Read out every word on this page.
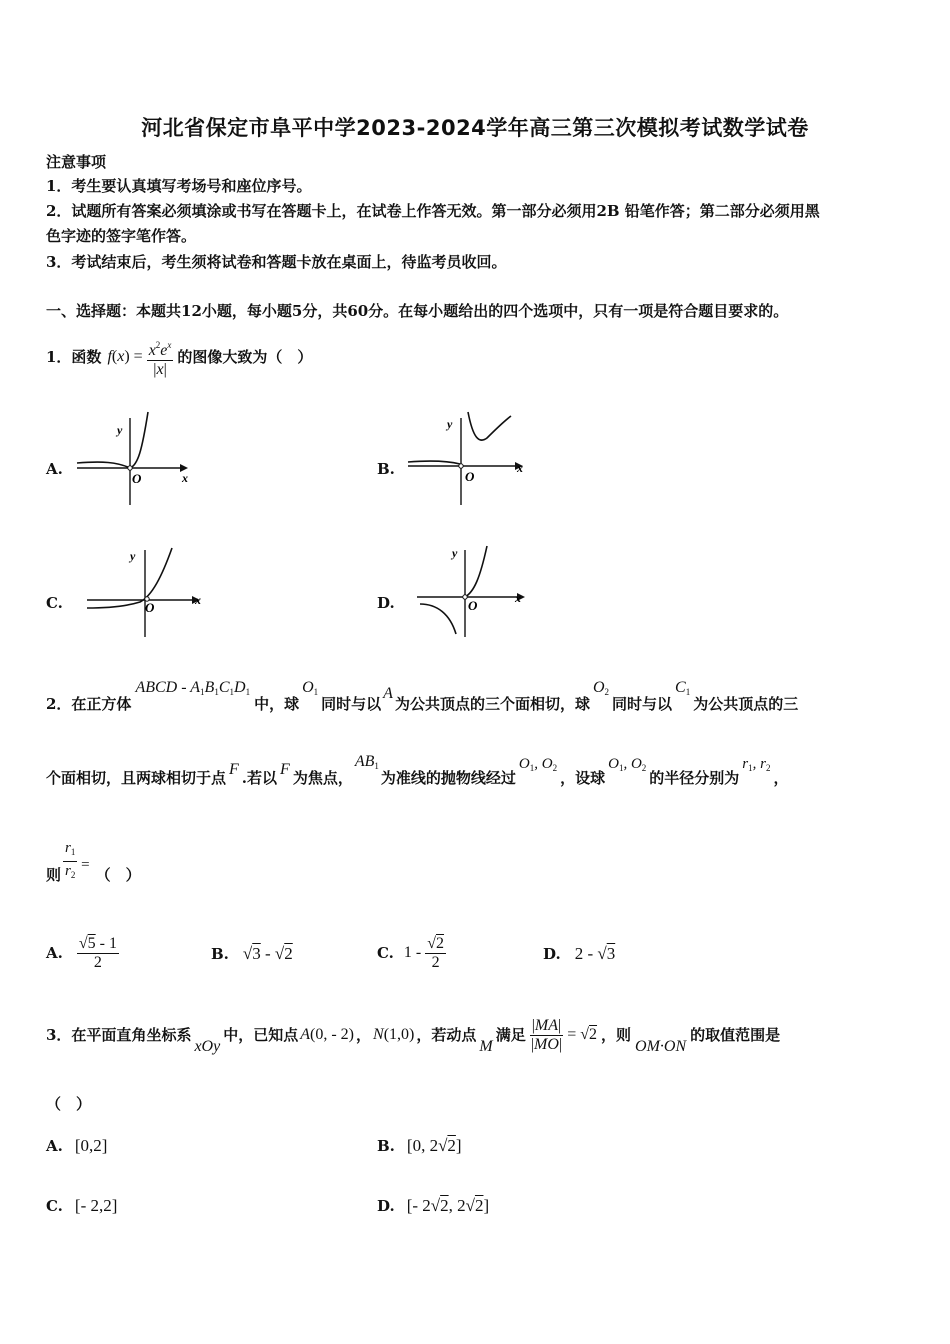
河北省保定市阜平中学2023-2024学年高三第三次模拟考试数学试卷
注意事项
1．考生要认真填写考场号和座位序号。
2．试题所有答案必须填涂或书写在答题卡上，在试卷上作答无效。第一部分必须用2B 铅笔作答；第二部分必须用黑
色字迹的签字笔作答。
3．考试结束后，考生须将试卷和答题卡放在桌面上，待监考员收回。
一、选择题：本题共12小题，每小题5分，共60分。在每小题给出的四个选项中，只有一项是符合题目要求的。
1．函数 $f(x) = \frac{x^2e^x}{|x|}$ 的图像大致为（　）
A.	B.
C.	D.
y
x
O
y
x
O
y
x
O
y
x
O
2．在正方体
ABCD - $A_1B_1C_1D_1$
中，球
$O_1$
同时与以
A
为公共顶点的三个面相切，球
$O_2$
同时与以
$C_1$
为公共顶点的三
个面相切，且两球相切于点 F .若以 F 为焦点，
$AB_1$
为准线的抛物线经过
$O_1$, $O_2$
，设球
$O_1$, $O_2$
的半径分别为
$r_1$, $r_2$
，
则 $\frac{r_1}{r_2}$ =
（　）
A. $\frac{√5 - 1}{2}$	B. √3 - √2	C. $1 - \frac{√2}{2}$	D. 2 - √3
3．在平面直角坐标系
xOy
中，已知点 A(0, - 2) ， N(1,0) ，若动点
M
满足 $\frac{|MA|}{|MO|} = √2$ ，则
OM·ON
的取值范围是
（　）
A. [0,2]	B. [0, 2√2]
C. [- 2,2]	D. [- 2√2, 2√2]
